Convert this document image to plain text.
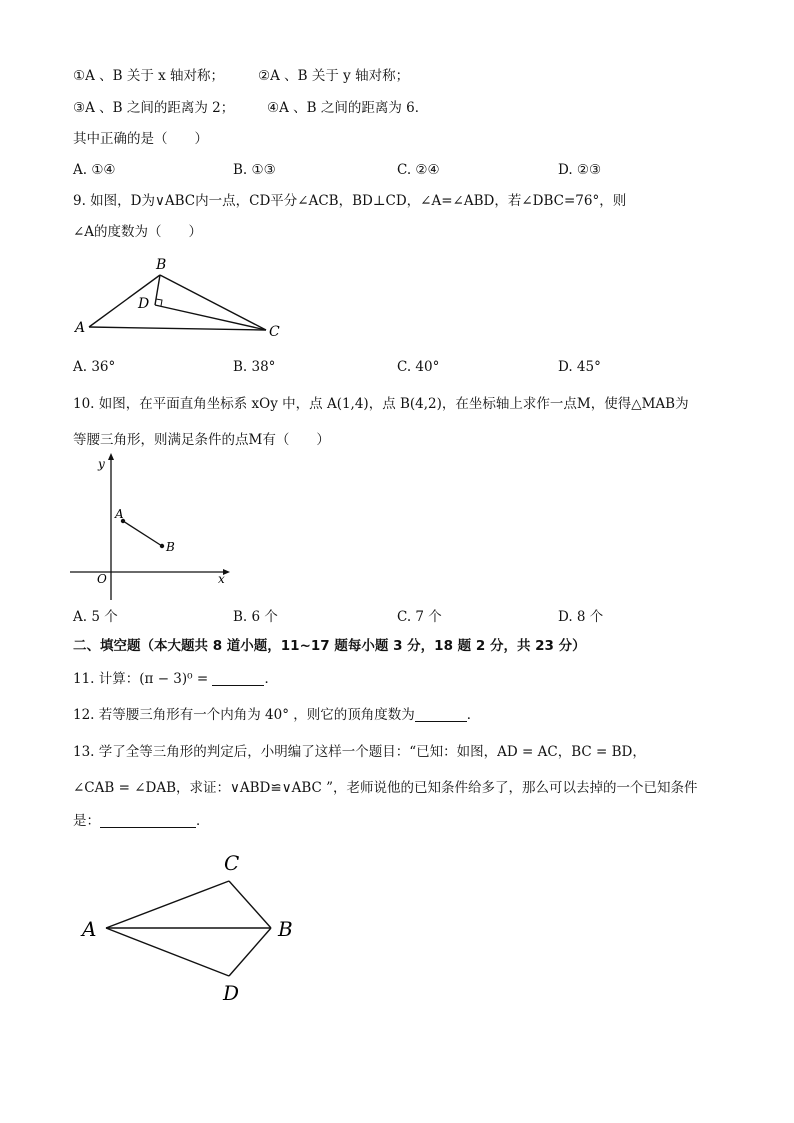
①A 、B 关于 x 轴对称；	②A 、B 关于 y 轴对称；
③A 、B 之间的距离为 2； ④A 、B 之间的距离为 6．
其中正确的是（　　）
A. ①④	B. ①③	C. ②④	D. ②③
9. 如图，D为∨ABC内一点，CD平分∠ACB，BD⊥CD，∠A=∠ABD，若∠DBC=76°，则
∠A的度数为（　　）
A
B
C
D
A. 36°	B. 38°	C. 40°	D. 45°
10. 如图，在平面直角坐标系 xOy 中，点 A(1,4)，点 B(4,2)，在坐标轴上求作一点M，使得△MAB为
等腰三角形，则满足条件的点M有（　　）
y
x
O
A
B
A. 5 个	B. 6 个	C. 7 个	D. 8 个
二、填空题（本大题共 8 道小题，11~17 题每小题 3 分，18 题 2 分，共 23 分）
11. 计算：(π − 3)⁰ =	．
12. 若等腰三角形有一个内角为 40° ，则它的顶角度数为	．
13. 学了全等三角形的判定后，小明编了这样一个题目：“已知：如图，AD = AC，BC = BD，
∠CAB = ∠DAB，求证：∨ABD≌∨ABC ”，老师说他的已知条件给多了，那么可以去掉的一个已知条件
是：	．
A	B
C
D
